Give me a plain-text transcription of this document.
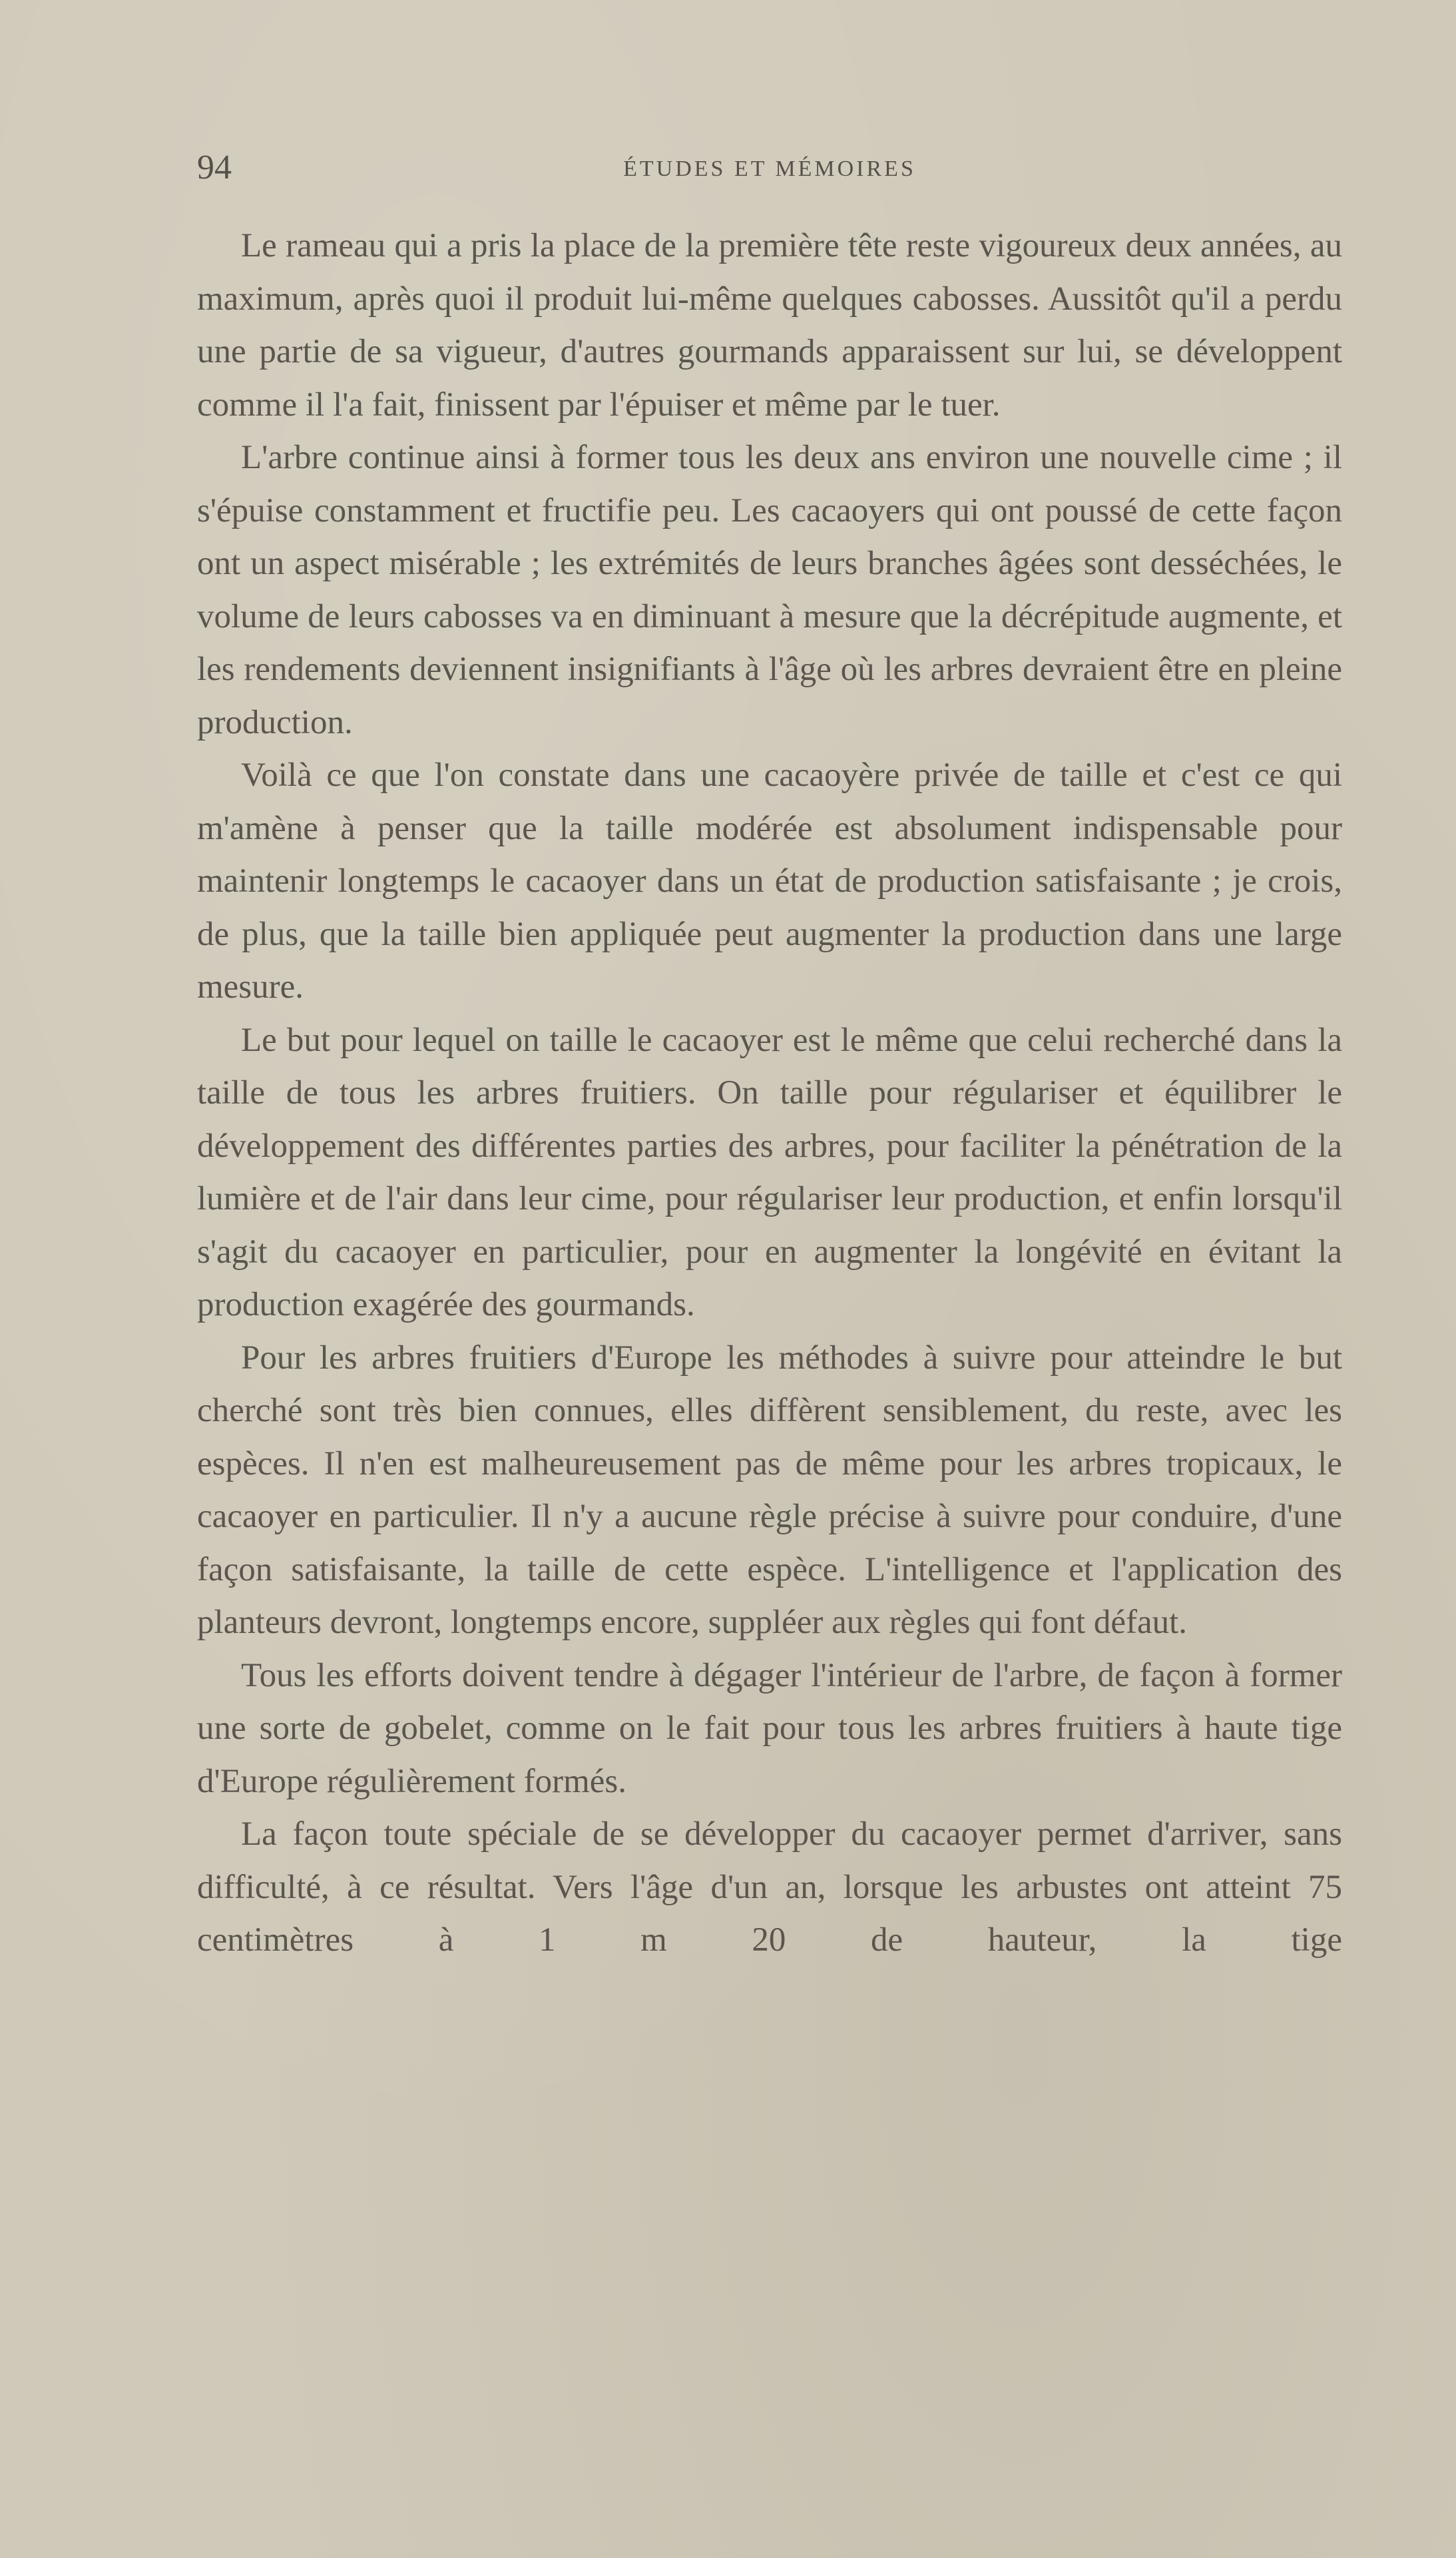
94	ÉTUDES ET MÉMOIRES

Le rameau qui a pris la place de la première tête reste vigoureux deux années, au maximum, après quoi il produit lui-même quelques cabosses. Aussitôt qu'il a perdu une partie de sa vigueur, d'autres gourmands apparaissent sur lui, se développent comme il l'a fait, finissent par l'épuiser et même par le tuer.

L'arbre continue ainsi à former tous les deux ans environ une nouvelle cime ; il s'épuise constamment et fructifie peu. Les cacaoyers qui ont poussé de cette façon ont un aspect misérable ; les extrémités de leurs branches âgées sont desséchées, le volume de leurs cabosses va en diminuant à mesure que la décrépitude augmente, et les rendements deviennent insignifiants à l'âge où les arbres devraient être en pleine production.

Voilà ce que l'on constate dans une cacaoyère privée de taille et c'est ce qui m'amène à penser que la taille modérée est absolument indispensable pour maintenir longtemps le cacaoyer dans un état de production satisfaisante ; je crois, de plus, que la taille bien appliquée peut augmenter la production dans une large mesure.

Le but pour lequel on taille le cacaoyer est le même que celui recherché dans la taille de tous les arbres fruitiers. On taille pour régulariser et équilibrer le développement des différentes parties des arbres, pour faciliter la pénétration de la lumière et de l'air dans leur cime, pour régulariser leur production, et enfin lorsqu'il s'agit du cacaoyer en particulier, pour en augmenter la longévité en évitant la production exagérée des gourmands.

Pour les arbres fruitiers d'Europe les méthodes à suivre pour atteindre le but cherché sont très bien connues, elles diffèrent sensiblement, du reste, avec les espèces. Il n'en est malheureusement pas de même pour les arbres tropicaux, le cacaoyer en particulier. Il n'y a aucune règle précise à suivre pour conduire, d'une façon satisfaisante, la taille de cette espèce. L'intelligence et l'application des planteurs devront, longtemps encore, suppléer aux règles qui font défaut.

Tous les efforts doivent tendre à dégager l'intérieur de l'arbre, de façon à former une sorte de gobelet, comme on le fait pour tous les arbres fruitiers à haute tige d'Europe régulièrement formés.

La façon toute spéciale de se développer du cacaoyer permet d'arriver, sans difficulté, à ce résultat. Vers l'âge d'un an, lorsque les arbustes ont atteint 75 centimètres à 1 m 20 de hauteur, la tige
